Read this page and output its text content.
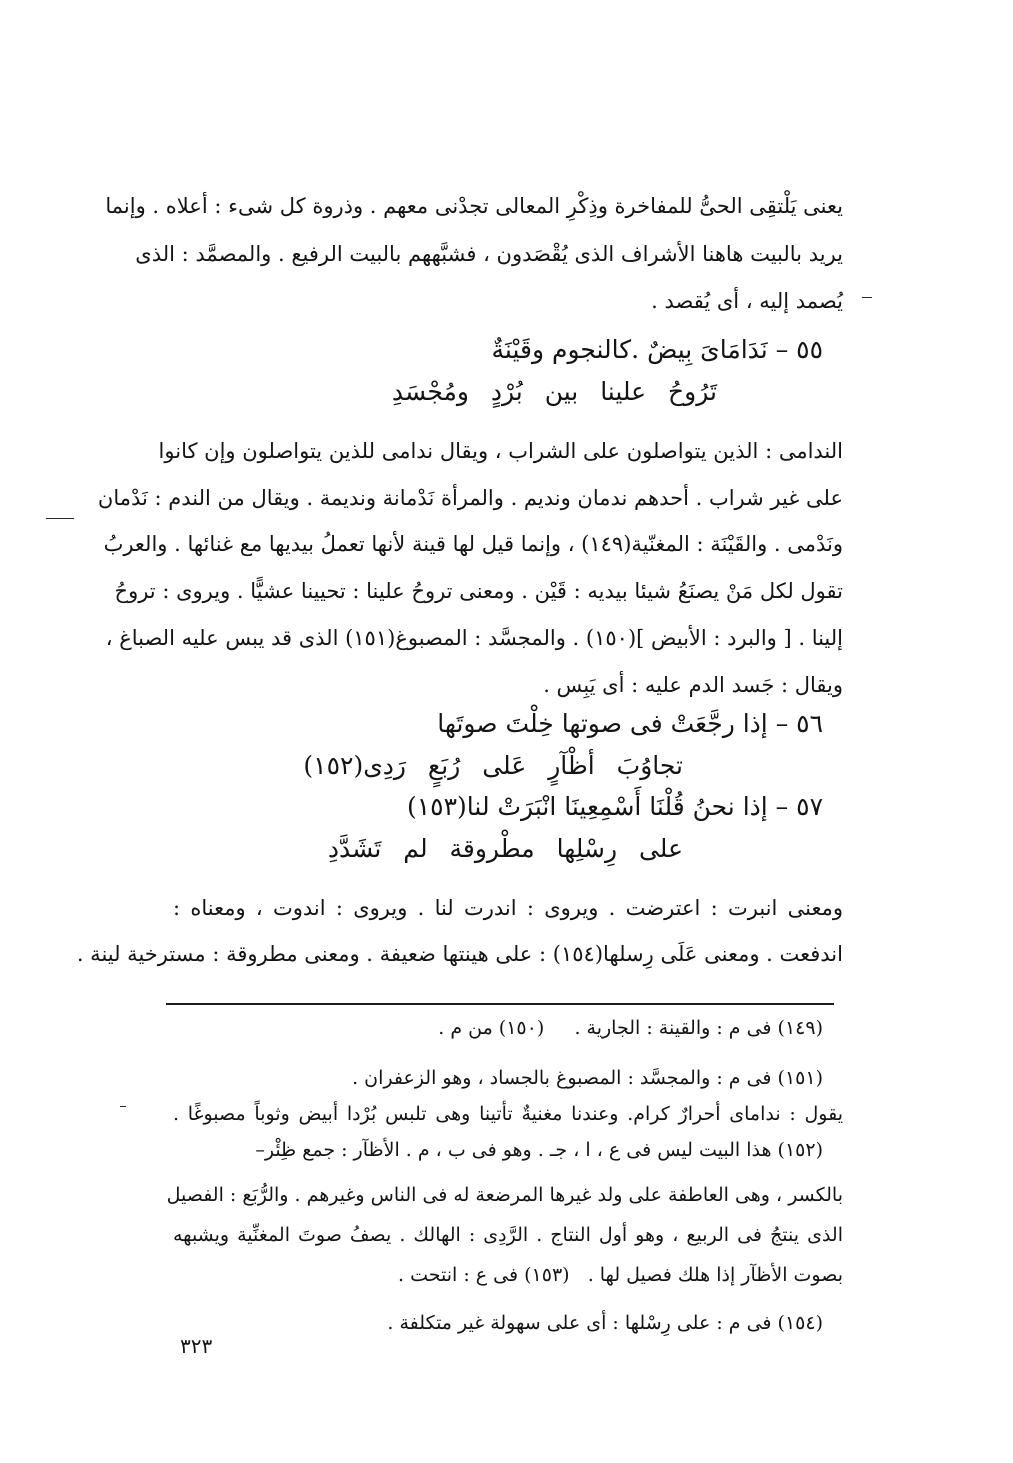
يعنى يَلْتقِى الحىُّ للمفاخرة وذِكْرِ المعالى تجدْنى معهم . وذروة كل شىء : أعلاه . وإنما
يريد بالبيت هاهنا الأشراف الذى يُقْصَدون ، فشبَّههم بالبيت الرفيع . والمصمَّد : الذى
يُصمد إليه ، أى يُقصد .
٥٥ – نَدَامَاىَ بِيضٌ .كالنجوم وقَيْنَةٌ
تَرُوحُ علينا بين بُرْدٍ ومُجْسَدِ
الندامى : الذين يتواصلون على الشراب ، ويقال ندامى للذين يتواصلون وإن كانوا
على غير شراب . أحدهم ندمان ونديم . والمرأة نَدْمانة ونديمة . ويقال من الندم : نَدْمان
ونَدْمى . والقَيْنَة : المغنّية(١٤٩) ، وإنما قيل لها قينة لأنها تعملُ بيديها مع غنائها . والعربُ
تقول لكل مَنْ يصنَعُ شيئا بيديه : قَيْن . ومعنى تروحُ علينا : تحيينا عشيًّا . ويروى : تروحُ
إلينا . [ والبرد : الأبيض ](١٥٠) . والمجسَّد : المصبوغ(١٥١) الذى قد يبس عليه الصباغ ،
ويقال : جَسد الدم عليه : أى يَبِس .
٥٦ – إذا رجَّعَتْ فى صوتها خِلْتَ صوتَها
تجاوُبَ أظْآرٍ عَلى رُبَعٍ رَدِى(١٥٢)
٥٧ – إذا نحنُ قُلْنَا أَسْمِعِينَا انْبَرَتْ لنا(١٥٣)
على رِسْلِها مطْروقة لم تَشَدَّدِ
ومعنى انبرت : اعترضت . ويروى : اندرت لنا . ويروى : اندوت ، ومعناه :
اندفعت . ومعنى عَلَى رِسلها(١٥٤) : على هينتها ضعيفة . ومعنى مطروقة : مسترخية لينة .
(١٤٩) فى م : والقينة : الجارية .     (١٥٠) من م .
(١٥١) فى م : والمجسَّد : المصبوغ بالجساد ، وهو الزعفران .
يقول : ندامای أحرارٌ كرام. وعندنا مغنيةٌ تأتينا وهى تلبس بُرْدا أبيض وثوباً مصبوغًا .
(١٥٢) هذا البيت ليس فى ع ، ا ، جـ . وهو فى ب ، م . الأظآر : جمع ظِئْر–
بالكسر ، وهى العاطفة على ولد غيرها المرضعة له فى الناس وغيرهم . والرُّبَع : الفصيل
الذى ينتجُ فى الربيع ، وهو أول النتاج . الرَّدِى : الهالك . يصفُ صوتَ المغنِّية ويشبهه
بصوت الأظآر إذا هلك فصيل لها .   (١٥٣) فى ع : انتحت .
(١٥٤) فى م : على رِسْلها : أى على سهولة غير متكلفة .
٣٢٣
